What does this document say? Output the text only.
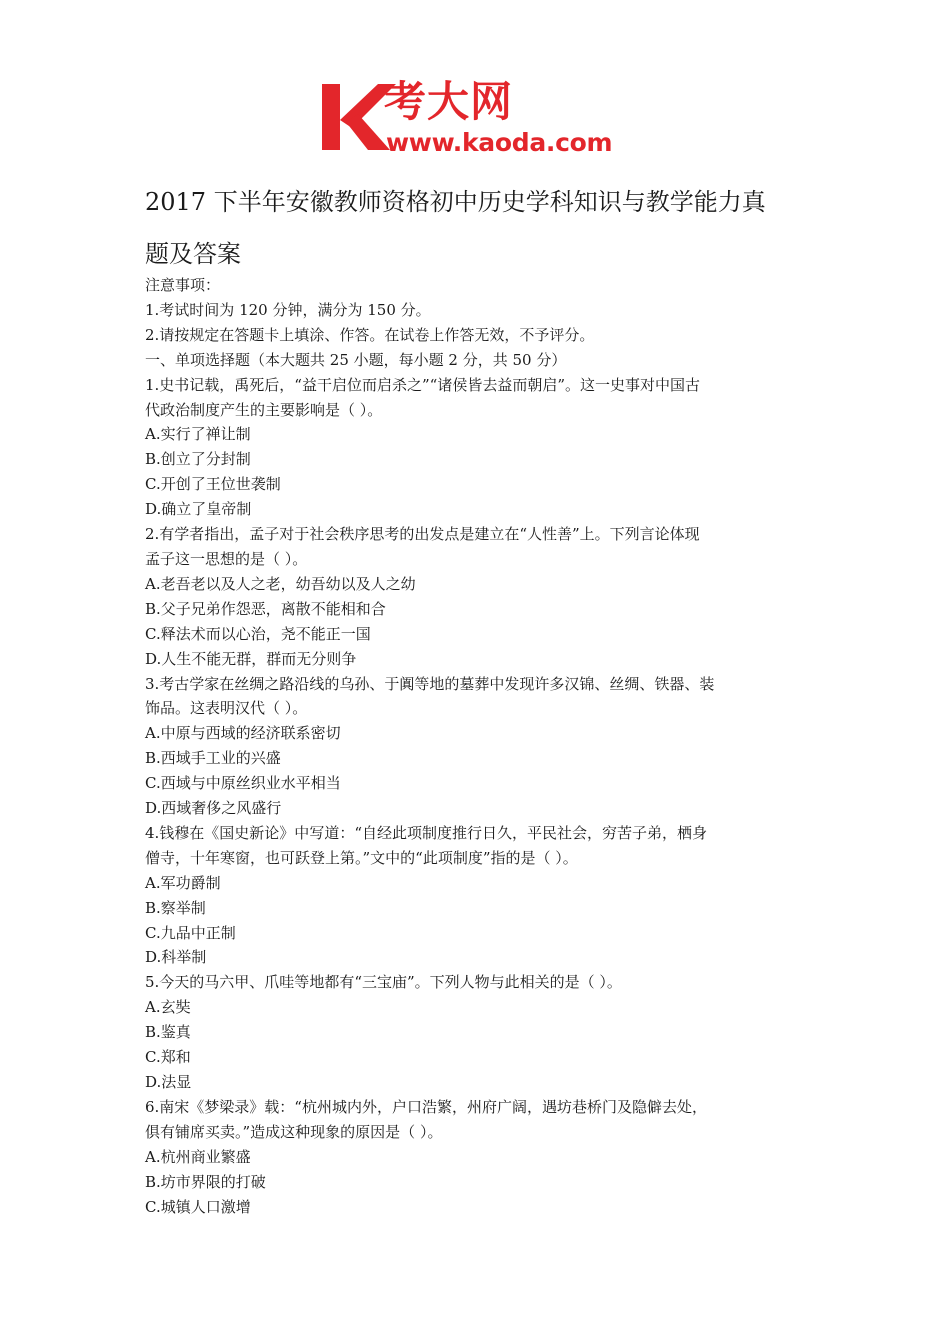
考大网
www.kaoda.com
2017 下半年安徽教师资格初中历史学科知识与教学能力真
题及答案
注意事项：
1.考试时间为 120 分钟，满分为 150 分。
2.请按规定在答题卡上填涂、作答。在试卷上作答无效，不予评分。
一、单项选择题（本大题共 25 小题，每小题 2 分，共 50 分）
1.史书记载，禹死后，“益干启位而启杀之”“诸侯皆去益而朝启”。这一史事对中国古
代政治制度产生的主要影响是（ ）。
A.实行了禅让制
B.创立了分封制
C.开创了王位世袭制
D.确立了皇帝制
2.有学者指出，孟子对于社会秩序思考的出发点是建立在“人性善”上。下列言论体现
孟子这一思想的是（ ）。
A.老吾老以及人之老，幼吾幼以及人之幼
B.父子兄弟作怨恶，离散不能相和合
C.释法术而以心治，尧不能正一国
D.人生不能无群，群而无分则争
3.考古学家在丝绸之路沿线的乌孙、于阗等地的墓葬中发现许多汉锦、丝绸、铁器、装
饰品。这表明汉代（ ）。
A.中原与西域的经济联系密切
B.西域手工业的兴盛
C.西域与中原丝织业水平相当
D.西域奢侈之风盛行
4.钱穆在《国史新论》中写道：“自经此项制度推行日久，平民社会，穷苦子弟，栖身
僧寺，十年寒窗，也可跃登上第。”文中的“此项制度”指的是（ ）。
A.军功爵制
B.察举制
C.九品中正制
D.科举制
5.今天的马六甲、爪哇等地都有“三宝庙”。下列人物与此相关的是（ ）。
A.玄奘
B.鉴真
C.郑和
D.法显
6.南宋《梦梁录》载：“杭州城内外，户口浩繁，州府广阔，遇坊巷桥门及隐僻去处，
俱有铺席买卖。”造成这种现象的原因是（ ）。
A.杭州商业繁盛
B.坊市界限的打破
C.城镇人口激增
